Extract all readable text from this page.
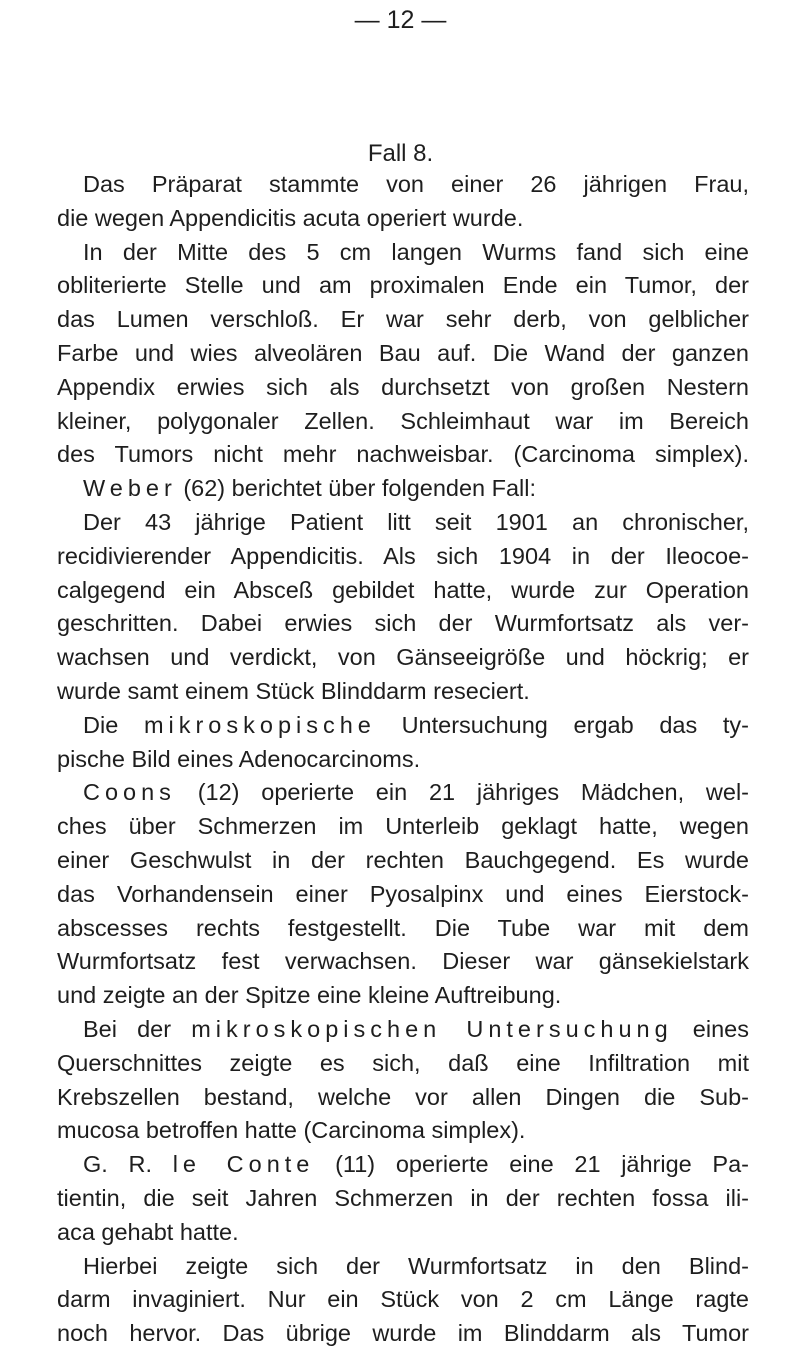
— 12 —
Fall 8.
Das Präparat stammte von einer 26 jährigen Frau,
die wegen Appendicitis acuta operiert wurde.
In der Mitte des 5 cm langen Wurms fand sich eine
obliterierte Stelle und am proximalen Ende ein Tumor, der
das Lumen verschloß. Er war sehr derb, von gelblicher
Farbe und wies alveolären Bau auf. Die Wand der ganzen
Appendix erwies sich als durchsetzt von großen Nestern
kleiner, polygonaler Zellen. Schleimhaut war im Bereich
des Tumors nicht mehr nachweisbar. (Carcinoma simplex).
Weber (62) berichtet über folgenden Fall:
Der 43 jährige Patient litt seit 1901 an chronischer,
recidivierender Appendicitis. Als sich 1904 in der Ileocoe-
calgegend ein Absceß gebildet hatte, wurde zur Operation
geschritten. Dabei erwies sich der Wurmfortsatz als ver-
wachsen und verdickt, von Gänseeigröße und höckrig; er
wurde samt einem Stück Blinddarm reseciert.
Die mikroskopische Untersuchung ergab das ty-
pische Bild eines Adenocarcinoms.
Coons (12) operierte ein 21 jähriges Mädchen, wel-
ches über Schmerzen im Unterleib geklagt hatte, wegen
einer Geschwulst in der rechten Bauchgegend. Es wurde
das Vorhandensein einer Pyosalpinx und eines Eierstock-
abscesses rechts festgestellt. Die Tube war mit dem
Wurmfortsatz fest verwachsen. Dieser war gänsekielstark
und zeigte an der Spitze eine kleine Auftreibung.
Bei der mikroskopischen Untersuchung eines
Querschnittes zeigte es sich, daß eine Infiltration mit
Krebszellen bestand, welche vor allen Dingen die Sub-
mucosa betroffen hatte (Carcinoma simplex).
G. R. le Conte (11) operierte eine 21 jährige Pa-
tientin, die seit Jahren Schmerzen in der rechten fossa ili-
aca gehabt hatte.
Hierbei zeigte sich der Wurmfortsatz in den Blind-
darm invaginiert. Nur ein Stück von 2 cm Länge ragte
noch hervor. Das übrige wurde im Blinddarm als Tumor
